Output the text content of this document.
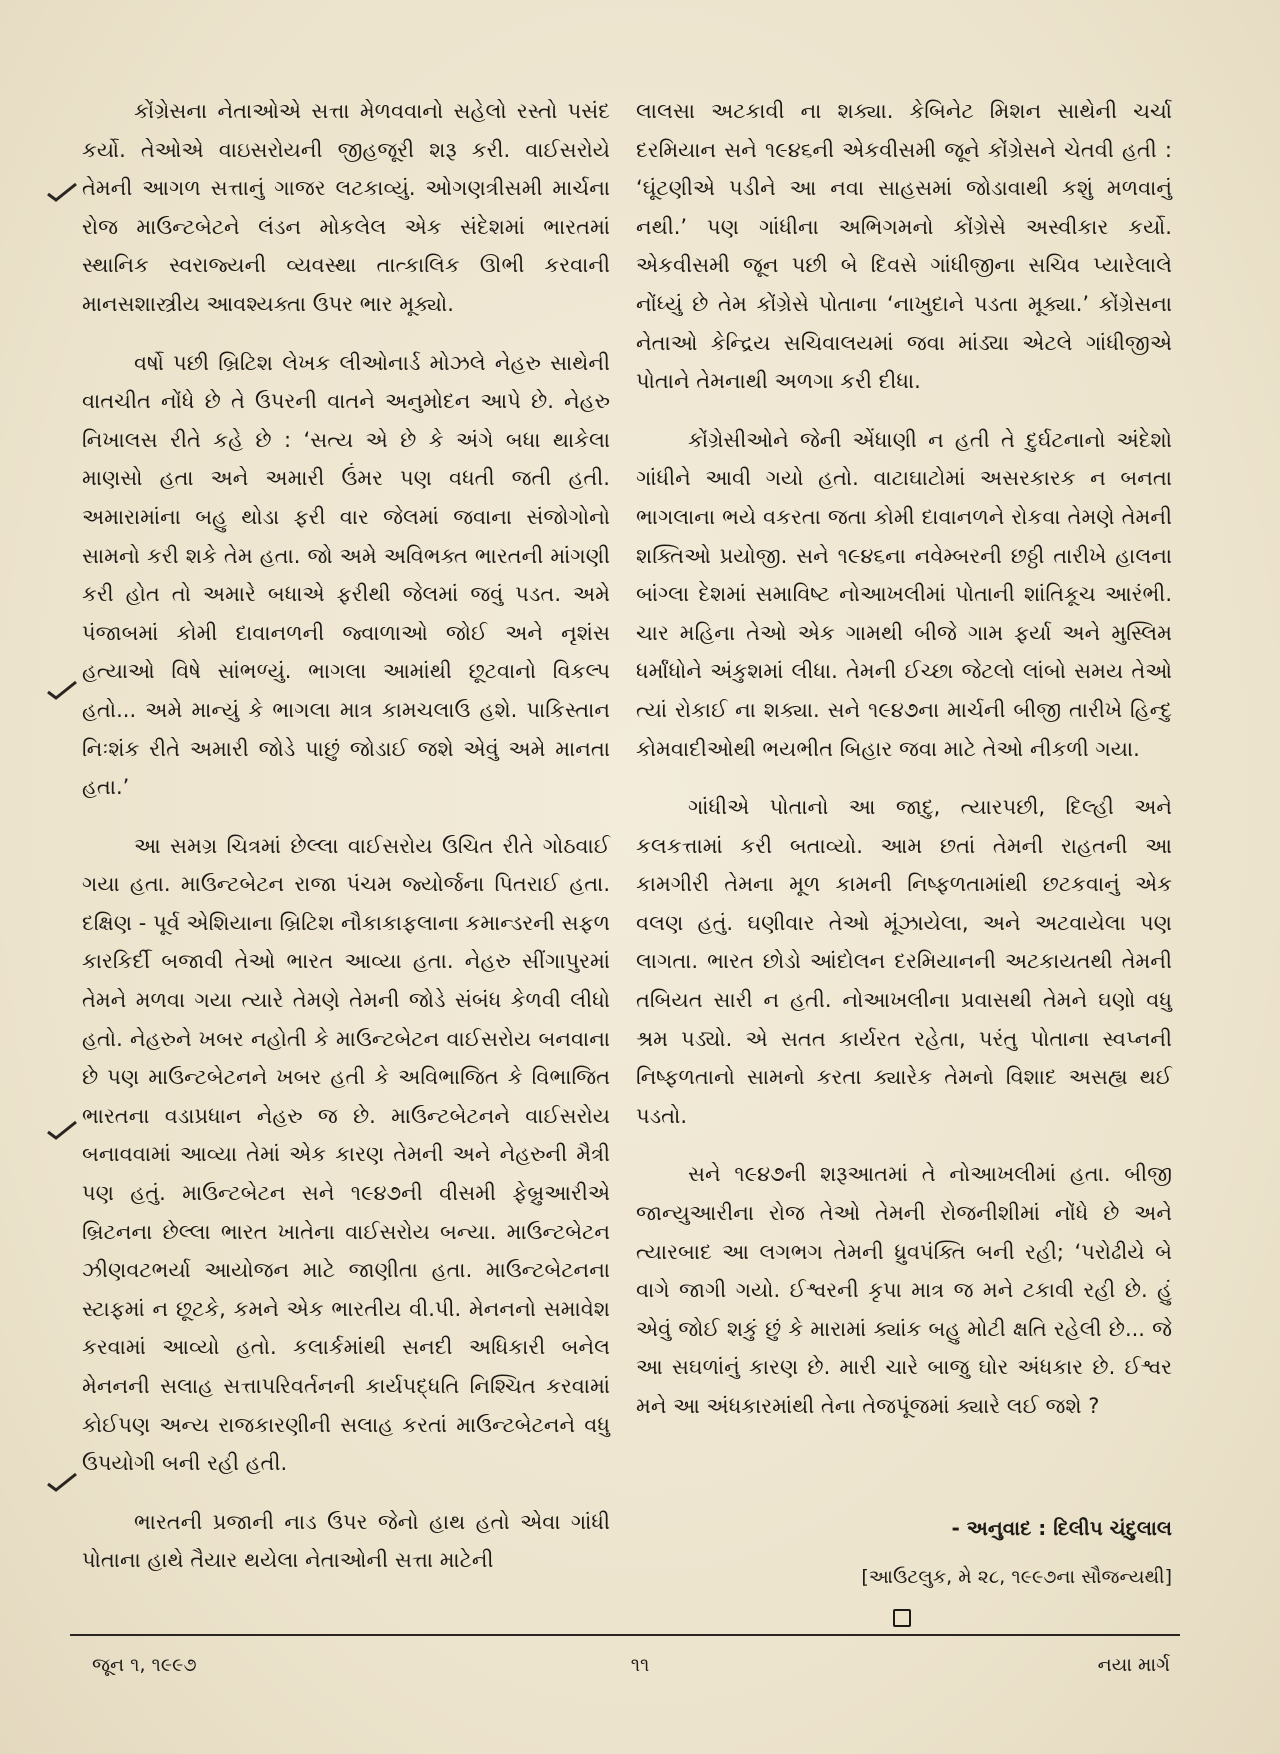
કોંગ્રેસના નેતાઓએ સત્તા મેળવવાનો સહેલો રસ્તો પસંદ કર્યો. તેઓએ વાઇસરોયની જીહજૂરી શરૂ કરી. વાઈસરોયે તેમની આગળ સત્તાનું ગાજર લટકાવ્યું. ઓગણત્રીસમી માર્ચના રોજ માઉન્ટબેટને લંડન મોકલેલ એક સંદેશમાં ભારતમાં સ્થાનિક સ્વરાજ્યની વ્યવસ્થા તાત્કાલિક ઊભી કરવાની માનસશાસ્ત્રીય આવશ્યક્તા ઉપર ભાર મૂક્યો.

વર્ષો પછી બ્રિટિશ લેખક લીઓનાર્ડ મોઝલે નેહરુ સાથેની વાતચીત નોંધે છે તે ઉપરની વાતને અનુમોદન આપે છે. નેહરુ નિખાલસ રીતે કહે છે : ‘સત્ય એ છે કે અંગે બધા થાકેલા માણસો હતા અને અમારી ઉંમર પણ વધતી જતી હતી. અમારામાંના બહુ થોડા ફરી વાર જેલમાં જવાના સંજોગોનો સામનો કરી શકે તેમ હતા. જો અમે અવિભક્ત ભારતની માંગણી કરી હોત તો અમારે બધાએ ફરીથી જેલમાં જવું પડત. અમે પંજાબમાં કોમી દાવાનળની જ્વાળાઓ જોઈ અને નૃશંસ હત્યાઓ વિષે સાંભળ્યું. ભાગલા આમાંથી છૂટવાનો વિકલ્પ હતો... અમે માન્યું કે ભાગલા માત્ર કામચલાઉ હશે. પાકિસ્તાન નિઃશંક રીતે અમારી જોડે પાછું જોડાઈ જશે એવું અમે માનતા હતા.’

આ સમગ્ર ચિત્રમાં છેલ્લા વાઈસરોય ઉચિત રીતે ગોઠવાઈ ગયા હતા. માઉન્ટબેટન રાજા પંચમ જ્યોર્જના પિતરાઈ હતા. દક્ષિણ - પૂર્વ એશિયાના બ્રિટિશ નૌકાકાફલાના કમાન્ડરની સફળ કારકિર્દી બજાવી તેઓ ભારત આવ્યા હતા. નેહરુ સીંગાપુરમાં તેમને મળવા ગયા ત્યારે તેમણે તેમની જોડે સંબંધ કેળવી લીધો હતો. નેહરુને ખબર નહોતી કે માઉન્ટબેટન વાઈસરોય બનવાના છે પણ માઉન્ટબેટનને ખબર હતી કે અવિભાજિત કે વિભાજિત ભારતના વડાપ્રધાન નેહરુ જ છે. માઉન્ટબેટનને વાઈસરોય બનાવવામાં આવ્યા તેમાં એક કારણ તેમની અને નેહરુની મૈત્રી પણ હતું. માઉન્ટબેટન સને ૧૯૪૭ની વીસમી ફેબ્રુઆરીએ બ્રિટનના છેલ્લા ભારત ખાતેના વાઈસરોય બન્યા. માઉન્ટબેટન ઝીણવટભર્યા આયોજન માટે જાણીતા હતા. માઉન્ટબેટનના સ્ટાફમાં ન છૂટકે, કમને એક ભારતીય વી.પી. મેનનનો સમાવેશ કરવામાં આવ્યો હતો. કલાર્કમાંથી સનદી અધિકારી બનેલ મેનનની સલાહ સત્તાપરિવર્તનની કાર્યપદ્ધતિ નિશ્ચિત કરવામાં કોઈપણ અન્ય રાજકારણીની સલાહ કરતાં માઉન્ટબેટનને વધુ ઉપયોગી બની રહી હતી.

ભારતની પ્રજાની નાડ ઉપર જેનો હાથ હતો એવા ગાંધી પોતાના હાથે તૈયાર થયેલા નેતાઓની સત્તા માટેની

લાલસા અટકાવી ના શક્યા. કેબિનેટ મિશન સાથેની ચર્ચા દરમિયાન સને ૧૯૪૬ની એકવીસમી જૂને કોંગ્રેસને ચેતવી હતી : ‘ઘૂંટણીએ પડીને આ નવા સાહસમાં જોડાવાથી કશું મળવાનું નથી.’ પણ ગાંધીના અભિગમનો કોંગ્રેસે અસ્વીકાર કર્યો. એકવીસમી જૂન પછી બે દિવસે ગાંધીજીના સચિવ પ્યારેલાલે નોંધ્યું છે તેમ કોંગ્રેસે પોતાના ‘નાખુદાને પડતા મૂક્યા.’ કોંગ્રેસના નેતાઓ કેન્દ્રિય સચિવાલયમાં જવા માંડ્યા એટલે ગાંધીજીએ પોતાને તેમનાથી અળગા કરી દીધા.

કોંગ્રેસીઓને જેની એંધાણી ન હતી તે દુર્ઘટનાનો અંદેશો ગાંધીને આવી ગયો હતો. વાટાઘાટોમાં અસરકારક ન બનતા ભાગલાના ભયે વકરતા જતા કોમી દાવાનળને રોકવા તેમણે તેમની શક્તિઓ પ્રયોજી. સને ૧૯૪૬ના નવેમ્બરની છઠ્ઠી તારીખે હાલના બાંગ્લા દેશમાં સમાવિષ્ટ નોઆખલીમાં પોતાની શાંતિકૂચ આરંભી. ચાર મહિના તેઓ એક ગામથી બીજે ગામ ફર્યા અને મુસ્લિમ ધર્માંધોને અંકુશમાં લીધા. તેમની ઈચ્છા જેટલો લાંબો સમય તેઓ ત્યાં રોકાઈ ના શક્યા. સને ૧૯૪૭ના માર્ચની બીજી તારીખે હિન્દુ કોમવાદીઓથી ભયભીત બિહાર જવા માટે તેઓ નીકળી ગયા.

ગાંધીએ પોતાનો આ જાદુ, ત્યારપછી, દિલ્હી અને કલકત્તામાં કરી બતાવ્યો. આમ છતાં તેમની રાહતની આ કામગીરી તેમના મૂળ કામની નિષ્ફળતામાંથી છટકવાનું એક વલણ હતું. ઘણીવાર તેઓ મૂંઝાયેલા, અને અટવાયેલા પણ લાગતા. ભારત છોડો આંદોલન દરમિયાનની અટકાયતથી તેમની તબિયત સારી ન હતી. નોઆખલીના પ્રવાસથી તેમને ઘણો વધુ શ્રમ પડ્યો. એ સતત કાર્યરત રહેતા, પરંતુ પોતાના સ્વપ્નની નિષ્ફળતાનો સામનો કરતા ક્યારેક તેમનો વિશાદ અસહ્ય થઈ પડતો.

સને ૧૯૪૭ની શરૂઆતમાં તે નોઆખલીમાં હતા. બીજી જાન્યુઆરીના રોજ તેઓ તેમની રોજનીશીમાં નોંધે છે અને ત્યારબાદ આ લગભગ તેમની ધ્રુવપંક્તિ બની રહી; ‘પરોઢીયે બે વાગે જાગી ગયો. ઈશ્વરની કૃપા માત્ર જ મને ટકાવી રહી છે. હું એવું જોઈ શકું છું કે મારામાં ક્યાંક બહુ મોટી ક્ષતિ રહેલી છે... જે આ સઘળાંનું કારણ છે. મારી ચારે બાજુ ઘોર અંધકાર છે. ઈશ્વર મને આ અંધકારમાંથી તેના તેજપૂંજમાં ક્યારે લઈ જશે ?

- અનુવાદ : દિલીપ ચંદુલાલ
[આઉટલુક, મે ૨૮, ૧૯૯૭ના સૌજન્યથી]
જૂન ૧, ૧૯૯૭	૧૧	નયા માર્ગ
